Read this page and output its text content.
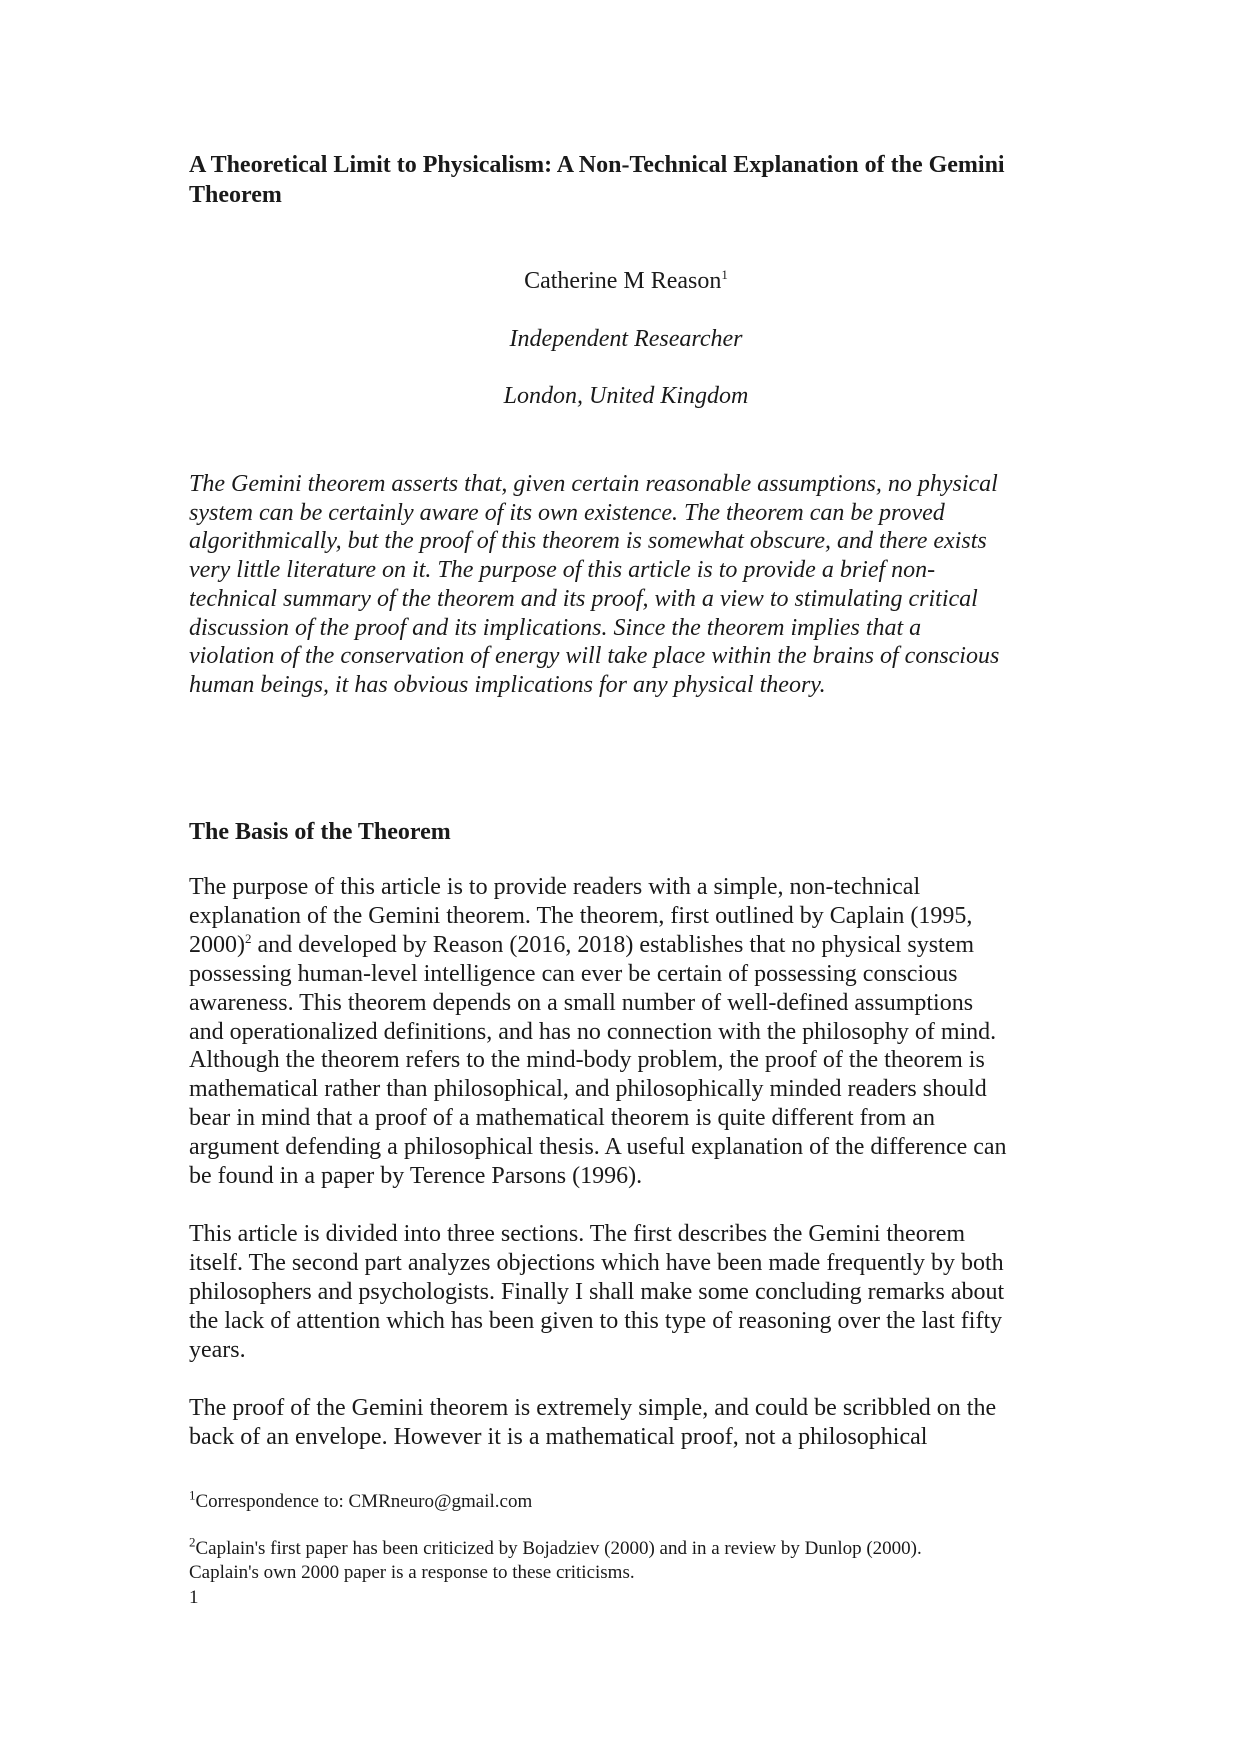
A Theoretical Limit to Physicalism: A Non-Technical Explanation of the Gemini Theorem
Catherine M Reason$^1$
Independent Researcher
London, United Kingdom
The Gemini theorem asserts that, given certain reasonable assumptions, no physical
system can be certainly aware of its own existence. The theorem can be proved
algorithmically, but the proof of this theorem is somewhat obscure, and there exists
very little literature on it. The purpose of this article is to provide a brief non-
technical summary of the theorem and its proof, with a view to stimulating critical
discussion of the proof and its implications. Since the theorem implies that a
violation of the conservation of energy will take place within the brains of conscious
human beings, it has obvious implications for any physical theory.
The Basis of the Theorem
The purpose of this article is to provide readers with a simple, non-technical
explanation of the Gemini theorem. The theorem, first outlined by Caplain (1995,
2000)$^2$ and developed by Reason (2016, 2018) establishes that no physical system
possessing human-level intelligence can ever be certain of possessing conscious
awareness. This theorem depends on a small number of well-defined assumptions
and operationalized definitions, and has no connection with the philosophy of mind.
Although the theorem refers to the mind-body problem, the proof of the theorem is
mathematical rather than philosophical, and philosophically minded readers should
bear in mind that a proof of a mathematical theorem is quite different from an
argument defending a philosophical thesis. A useful explanation of the difference can
be found in a paper by Terence Parsons (1996).
This article is divided into three sections. The first describes the Gemini theorem
itself. The second part analyzes objections which have been made frequently by both
philosophers and psychologists. Finally I shall make some concluding remarks about
the lack of attention which has been given to this type of reasoning over the last fifty
years.
The proof of the Gemini theorem is extremely simple, and could be scribbled on the
back of an envelope. However it is a mathematical proof, not a philosophical
$^1$Correspondence to: CMRneuro@gmail.com
$^2$Caplain's first paper has been criticized by Bojadziev (2000) and in a review by Dunlop (2000).
Caplain's own 2000 paper is a response to these criticisms.
1
